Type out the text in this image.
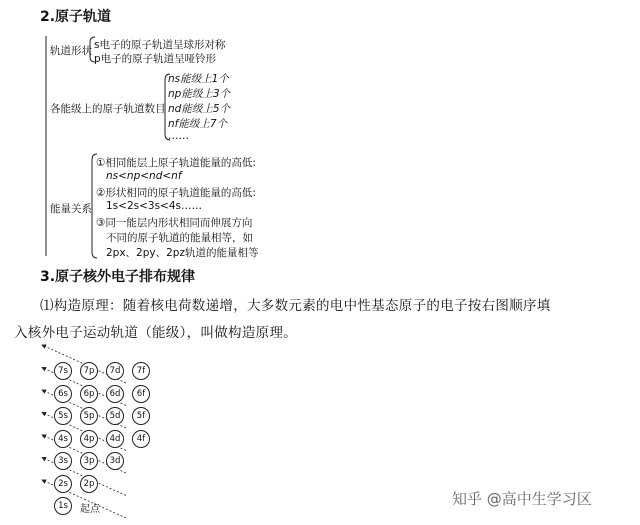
2.原子轨道
轨道形状 s电子的原子轨道呈球形对称
p电子的原子轨道呈哑铃形
各能级上的原子轨道数目
ns能级上1个
np能级上3个
nd能级上5个
nf能级上7个
……
能量关系
①相同能层上原子轨道能量的高低:
ns<np<nd<nf
②形状相同的原子轨道能量的高低:
1s<2s<3s<4s……
③同一能层内形状相同而伸展方向
不同的原子轨道的能量相等，如
2px、2py、2pz轨道的能量相等
3.原子核外电子排布规律
⑴构造原理：随着核电荷数递增，大多数元素的电中性基态原子的电子按右图顺序填
入核外电子运动轨道（能级），叫做构造原理。
7s	7p	7d	7f
6s	6p	6d	6f
5s	5p	5d	5f
4s	4p	4d	4f
3s	3p	3d
2s	2p
1s	起点
知乎 @高中生学习区
